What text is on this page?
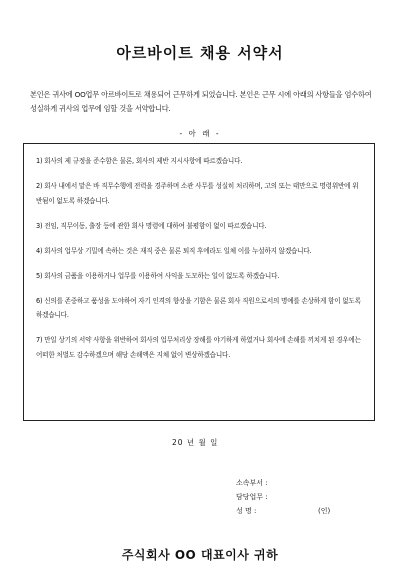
아르바이트 채용 서약서
본인은 귀사에 OO업무 아르바이트로 채용되어 근무하게 되었습니다. 본인은 근무 시에 아래의 사항들을 엄수하여 성실하게 귀사의 업무에 임할 것을 서약합니다.
- 아 래 -
1) 회사의 제 규정을 준수함은 물론, 회사의 제반 지시사항에 따르겠습니다.
2) 회사 내에서 맡은 바 직무수행에 전력을 경주하며 소관 사무를 성실히 처리하며, 고의 또는 태만으로 명령위반에 위반됨이 없도록 하겠습니다.
3) 전임, 직무이동, 출장 등에 관한 회사 명령에 대하여 불평함이 없이 따르겠습니다.
4) 회사의 업무상 기밀에 속하는 것은 재직 중은 물론 퇴직 후에라도 일체 이를 누설하지 않겠습니다.
5) 회사의 금품을 이용하거나 업무를 이용하여 사익을 도모하는 일이 없도록 하겠습니다.
6) 신의를 존중하고 품성을 도야하여 자기 인격의 향상을 기함은 물론 회사 직원으로서의 명예를 손상하게 함이 없도록 하겠습니다.
7) 만일 상기의 서약 사항을 위반하여 회사의 업무처리상 장해를 야기하게 하였거나 회사에 손해를 끼치게 된 경우에는 어떠한 처벌도 감수하겠으며 해당 손해액은 지체 없이 변상하겠습니다.
20 년 월 일
소속부서 :
담당업무 :
성 명 :	(인)
주식회사 OO 대표이사 귀하
